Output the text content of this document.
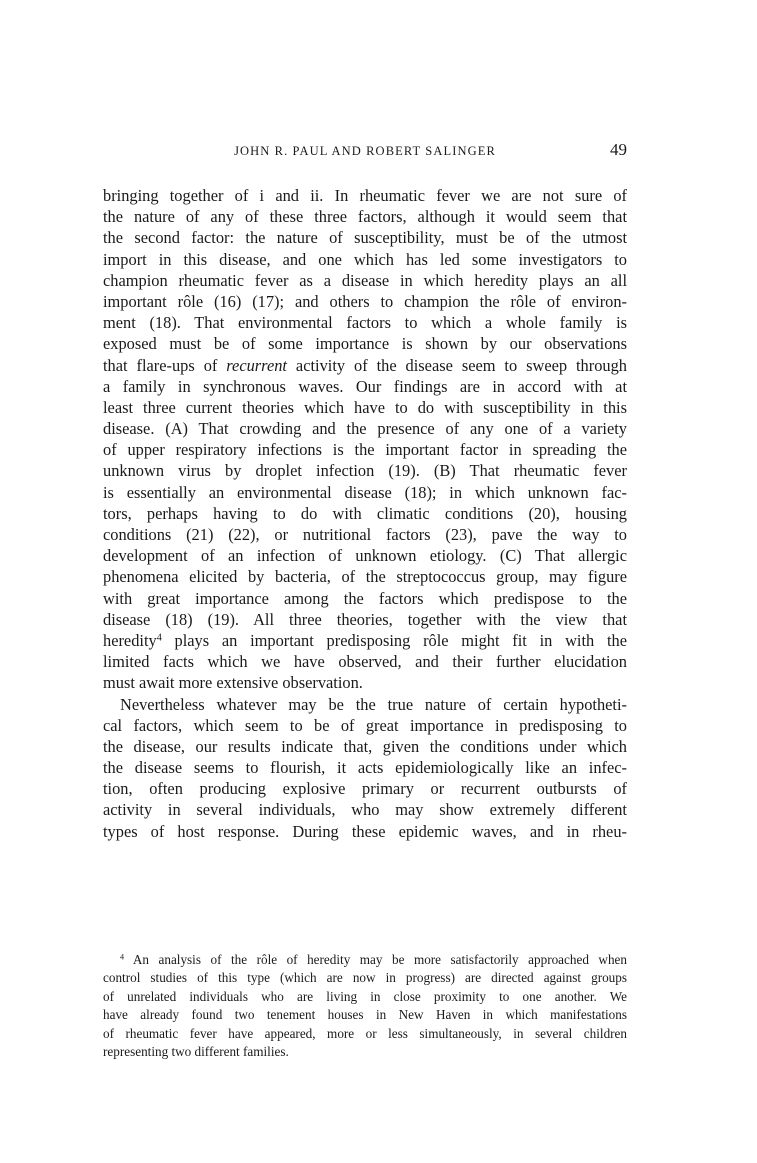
JOHN R. PAUL AND ROBERT SALINGER	49
bringing together of i and ii. In rheumatic fever we are not sure of
the nature of any of these three factors, although it would seem that
the second factor: the nature of susceptibility, must be of the utmost
import in this disease, and one which has led some investigators to
champion rheumatic fever as a disease in which heredity plays an all
important rôle (16) (17); and others to champion the rôle of environ-
ment (18). That environmental factors to which a whole family is
exposed must be of some importance is shown by our observations
that flare-ups of recurrent activity of the disease seem to sweep through
a family in synchronous waves. Our findings are in accord with at
least three current theories which have to do with susceptibility in this
disease. (A) That crowding and the presence of any one of a variety
of upper respiratory infections is the important factor in spreading the
unknown virus by droplet infection (19). (B) That rheumatic fever
is essentially an environmental disease (18); in which unknown fac-
tors, perhaps having to do with climatic conditions (20), housing
conditions (21) (22), or nutritional factors (23), pave the way to
development of an infection of unknown etiology. (C) That allergic
phenomena elicited by bacteria, of the streptococcus group, may figure
with great importance among the factors which predispose to the
disease (18) (19). All three theories, together with the view that
heredity$^4$ plays an important predisposing rôle might fit in with the
limited facts which we have observed, and their further elucidation
must await more extensive observation.
Nevertheless whatever may be the true nature of certain hypotheti-
cal factors, which seem to be of great importance in predisposing to
the disease, our results indicate that, given the conditions under which
the disease seems to flourish, it acts epidemiologically like an infec-
tion, often producing explosive primary or recurrent outbursts of
activity in several individuals, who may show extremely different
types of host response. During these epidemic waves, and in rheu-
$^4$ An analysis of the rôle of heredity may be more satisfactorily approached when
control studies of this type (which are now in progress) are directed against groups
of unrelated individuals who are living in close proximity to one another. We
have already found two tenement houses in New Haven in which manifestations
of rheumatic fever have appeared, more or less simultaneously, in several children
representing two different families.
